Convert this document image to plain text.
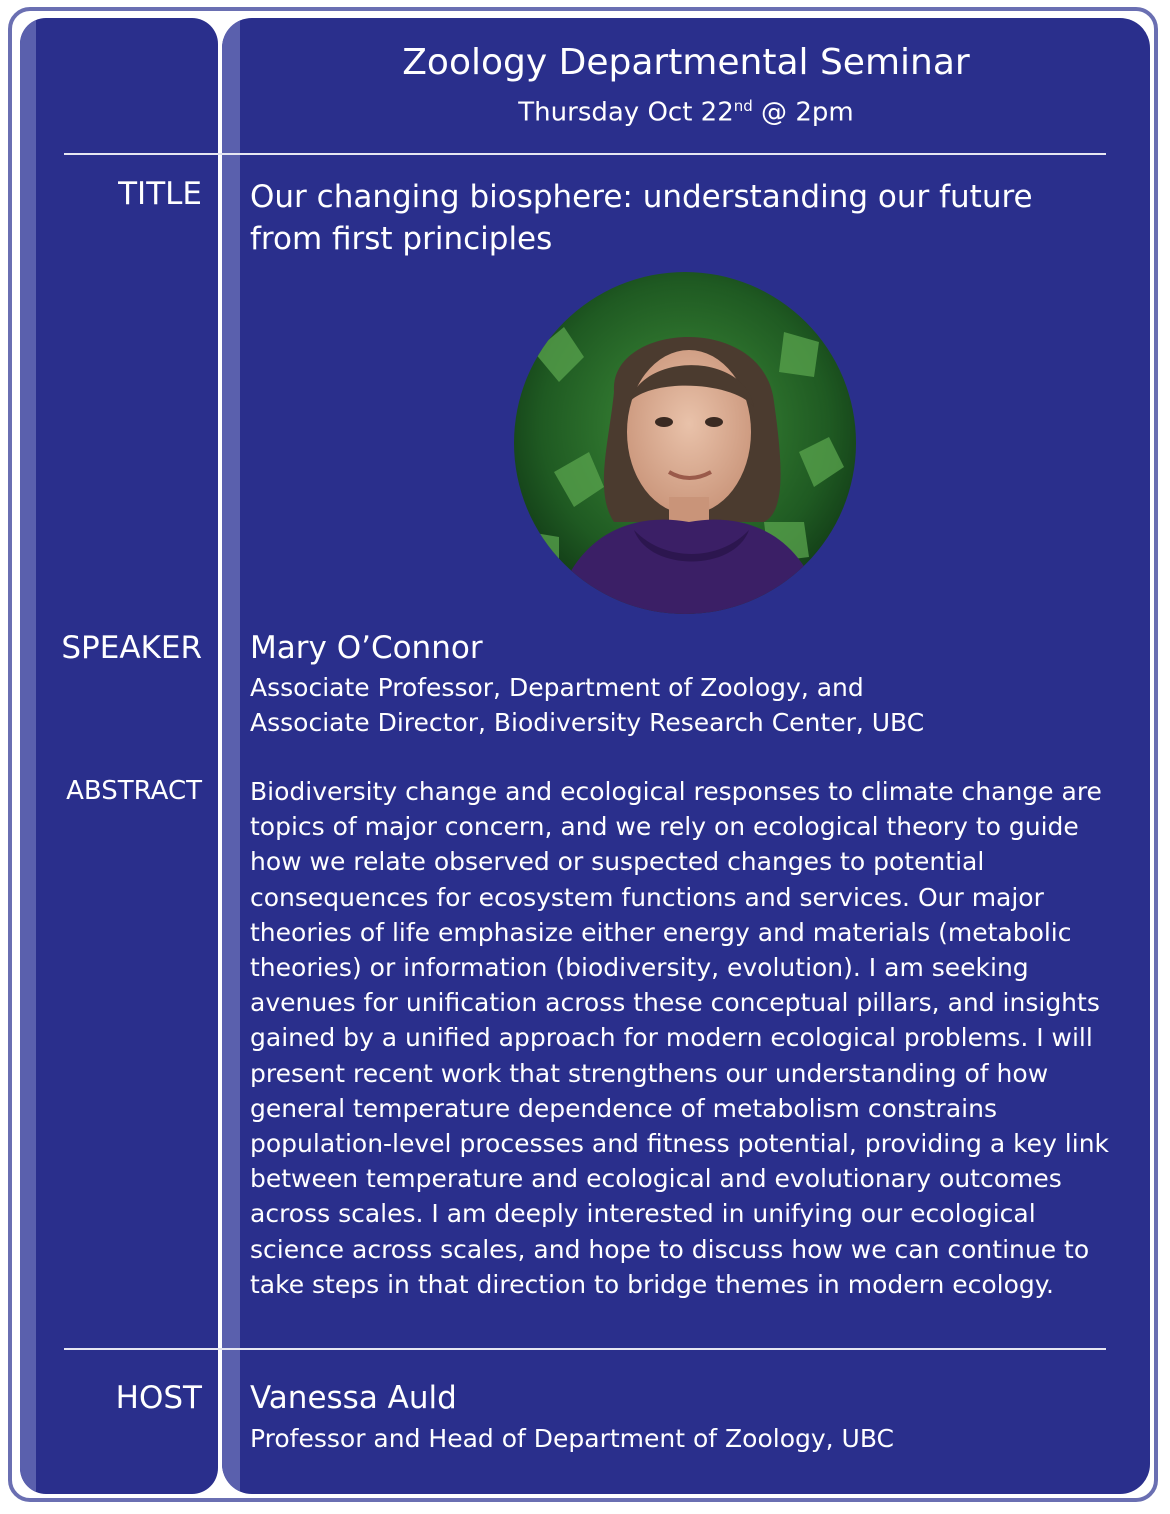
Zoology Departmental Seminar
Thursday Oct 22nd @ 2pm
TITLE Our changing biosphere: understanding our future from first principles
SPEAKER Mary O’Connor
Associate Professor, Department of Zoology, and
Associate Director, Biodiversity Research Center, UBC
ABSTRACT Biodiversity change and ecological responses to climate change are topics of major concern, and we rely on ecological theory to guide how we relate observed or suspected changes to potential consequences for ecosystem functions and services. Our major theories of life emphasize either energy and materials (metabolic theories) or information (biodiversity, evolution). I am seeking avenues for unification across these conceptual pillars, and insights gained by a unified approach for modern ecological problems. I will present recent work that strengthens our understanding of how general temperature dependence of metabolism constrains population-level processes and fitness potential, providing a key link between temperature and ecological and evolutionary outcomes across scales. I am deeply interested in unifying our ecological science across scales, and hope to discuss how we can continue to take steps in that direction to bridge themes in modern ecology.
HOST Vanessa Auld
Professor and Head of Department of Zoology, UBC
